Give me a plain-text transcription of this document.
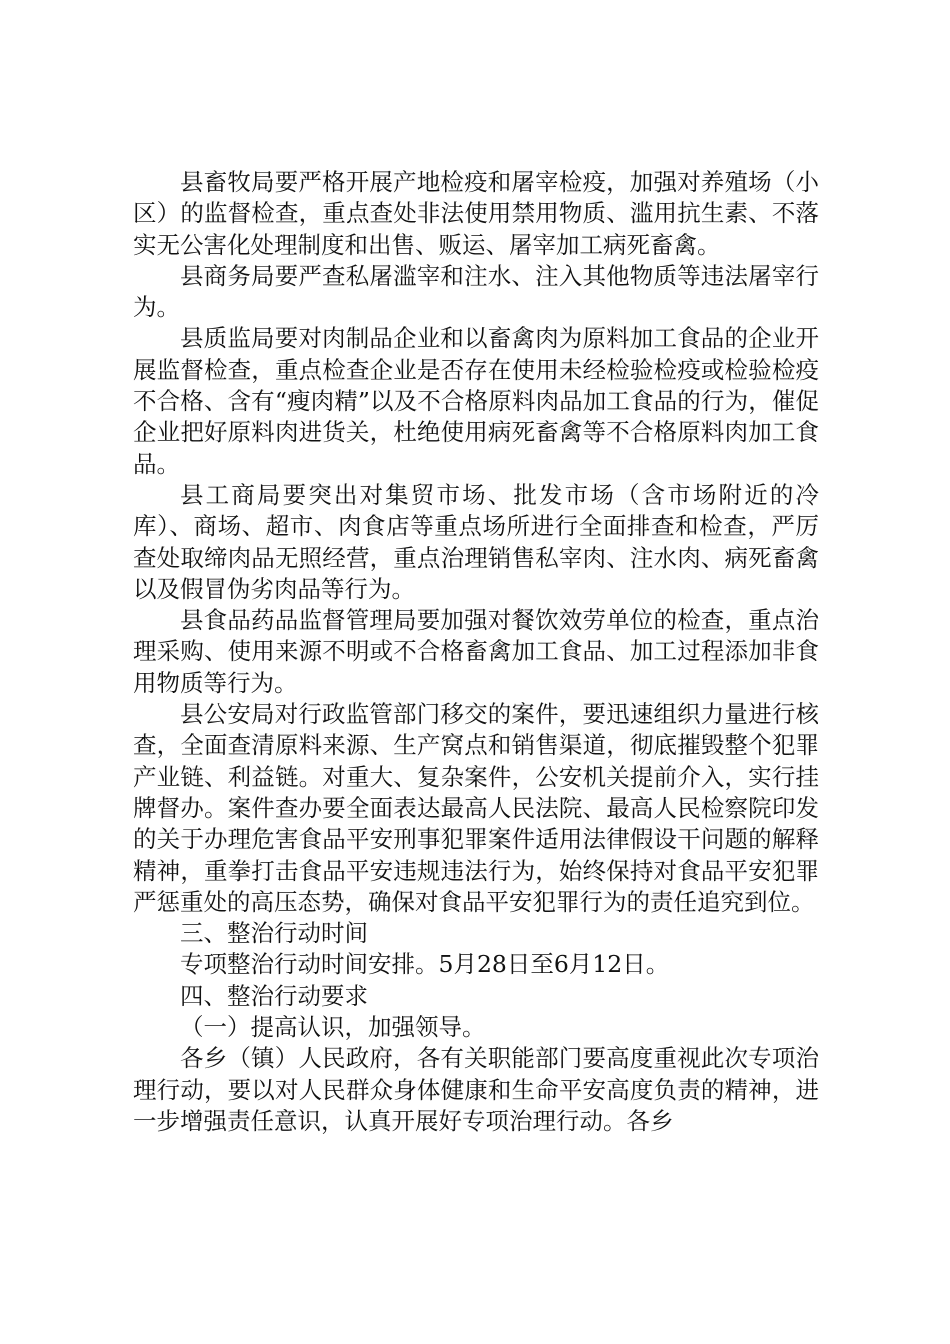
县畜牧局要严格开展产地检疫和屠宰检疫，加强对养殖场（小区）的监督检查，重点查处非法使用禁用物质、滥用抗生素、不落实无公害化处理制度和出售、贩运、屠宰加工病死畜禽。

县商务局要严查私屠滥宰和注水、注入其他物质等违法屠宰行为。

县质监局要对肉制品企业和以畜禽肉为原料加工食品的企业开展监督检查，重点检查企业是否存在使用未经检验检疫或检验检疫不合格、含有“瘦肉精”以及不合格原料肉品加工食品的行为，催促企业把好原料肉进货关，杜绝使用病死畜禽等不合格原料肉加工食品。

县工商局要突出对集贸市场、批发市场（含市场附近的冷库）、商场、超市、肉食店等重点场所进行全面排查和检查，严厉查处取缔肉品无照经营，重点治理销售私宰肉、注水肉、病死畜禽以及假冒伪劣肉品等行为。

县食品药品监督管理局要加强对餐饮效劳单位的检查，重点治理采购、使用来源不明或不合格畜禽加工食品、加工过程添加非食用物质等行为。

县公安局对行政监管部门移交的案件，要迅速组织力量进行核查，全面查清原料来源、生产窝点和销售渠道，彻底摧毁整个犯罪产业链、利益链。对重大、复杂案件，公安机关提前介入，实行挂牌督办。案件查办要全面表达最高人民法院、最高人民检察院印发的关于办理危害食品平安刑事犯罪案件适用法律假设干问题的解释精神，重拳打击食品平安违规违法行为，始终保持对食品平安犯罪严惩重处的高压态势，确保对食品平安犯罪行为的责任追究到位。

三、整治行动时间

专项整治行动时间安排。5月28日至6月12日。

四、整治行动要求

（一）提高认识，加强领导。

各乡（镇）人民政府，各有关职能部门要高度重视此次专项治理行动，要以对人民群众身体健康和生命平安高度负责的精神，进一步增强责任意识，认真开展好专项治理行动。各乡
